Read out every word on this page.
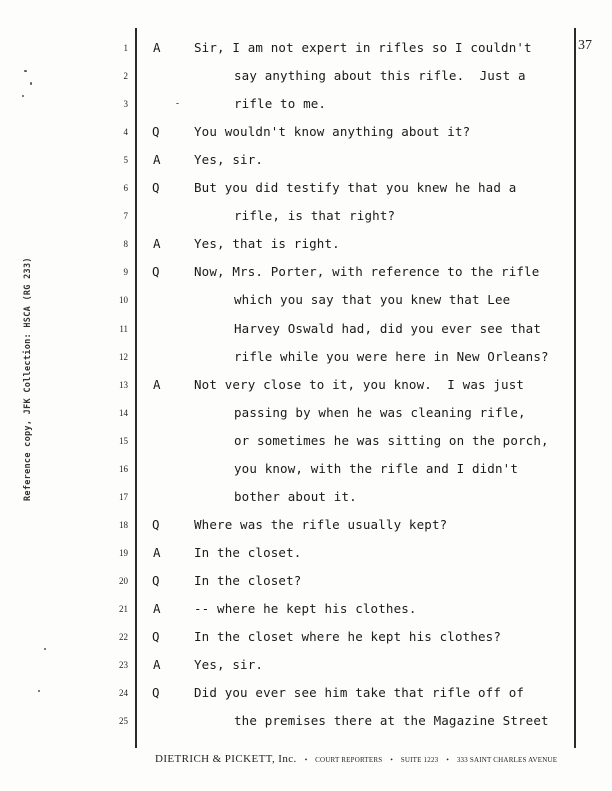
37
Reference copy, JFK Collection: HSCA (RG 233)
1 A	Sir, I am not expert in rifles so I couldn't
2	say anything about this rifle.  Just a
3	rifle to me.
4 Q	You wouldn't know anything about it?
5 A	Yes, sir.
6 Q	But you did testify that you knew he had a
7	rifle, is that right?
8 A	Yes, that is right.
9 Q	Now, Mrs. Porter, with reference to the rifle
10	which you say that you knew that Lee
11	Harvey Oswald had, did you ever see that
12	rifle while you were here in New Orleans?
13 A	Not very close to it, you know.  I was just
14	passing by when he was cleaning rifle,
15	or sometimes he was sitting on the porch,
16	you know, with the rifle and I didn't
17	bother about it.
18 Q	Where was the rifle usually kept?
19 A	In the closet.
20 Q	In the closet?
21 A	-- where he kept his clothes.
22 Q	In the closet where he kept his clothes?
23 A	Yes, sir.
24 Q	Did you ever see him take that rifle off of
25	the premises there at the Magazine Street
DIETRICH & PICKETT, Inc. • COURT REPORTERS • SUITE 1223 • 333 SAINT CHARLES AVENUE
